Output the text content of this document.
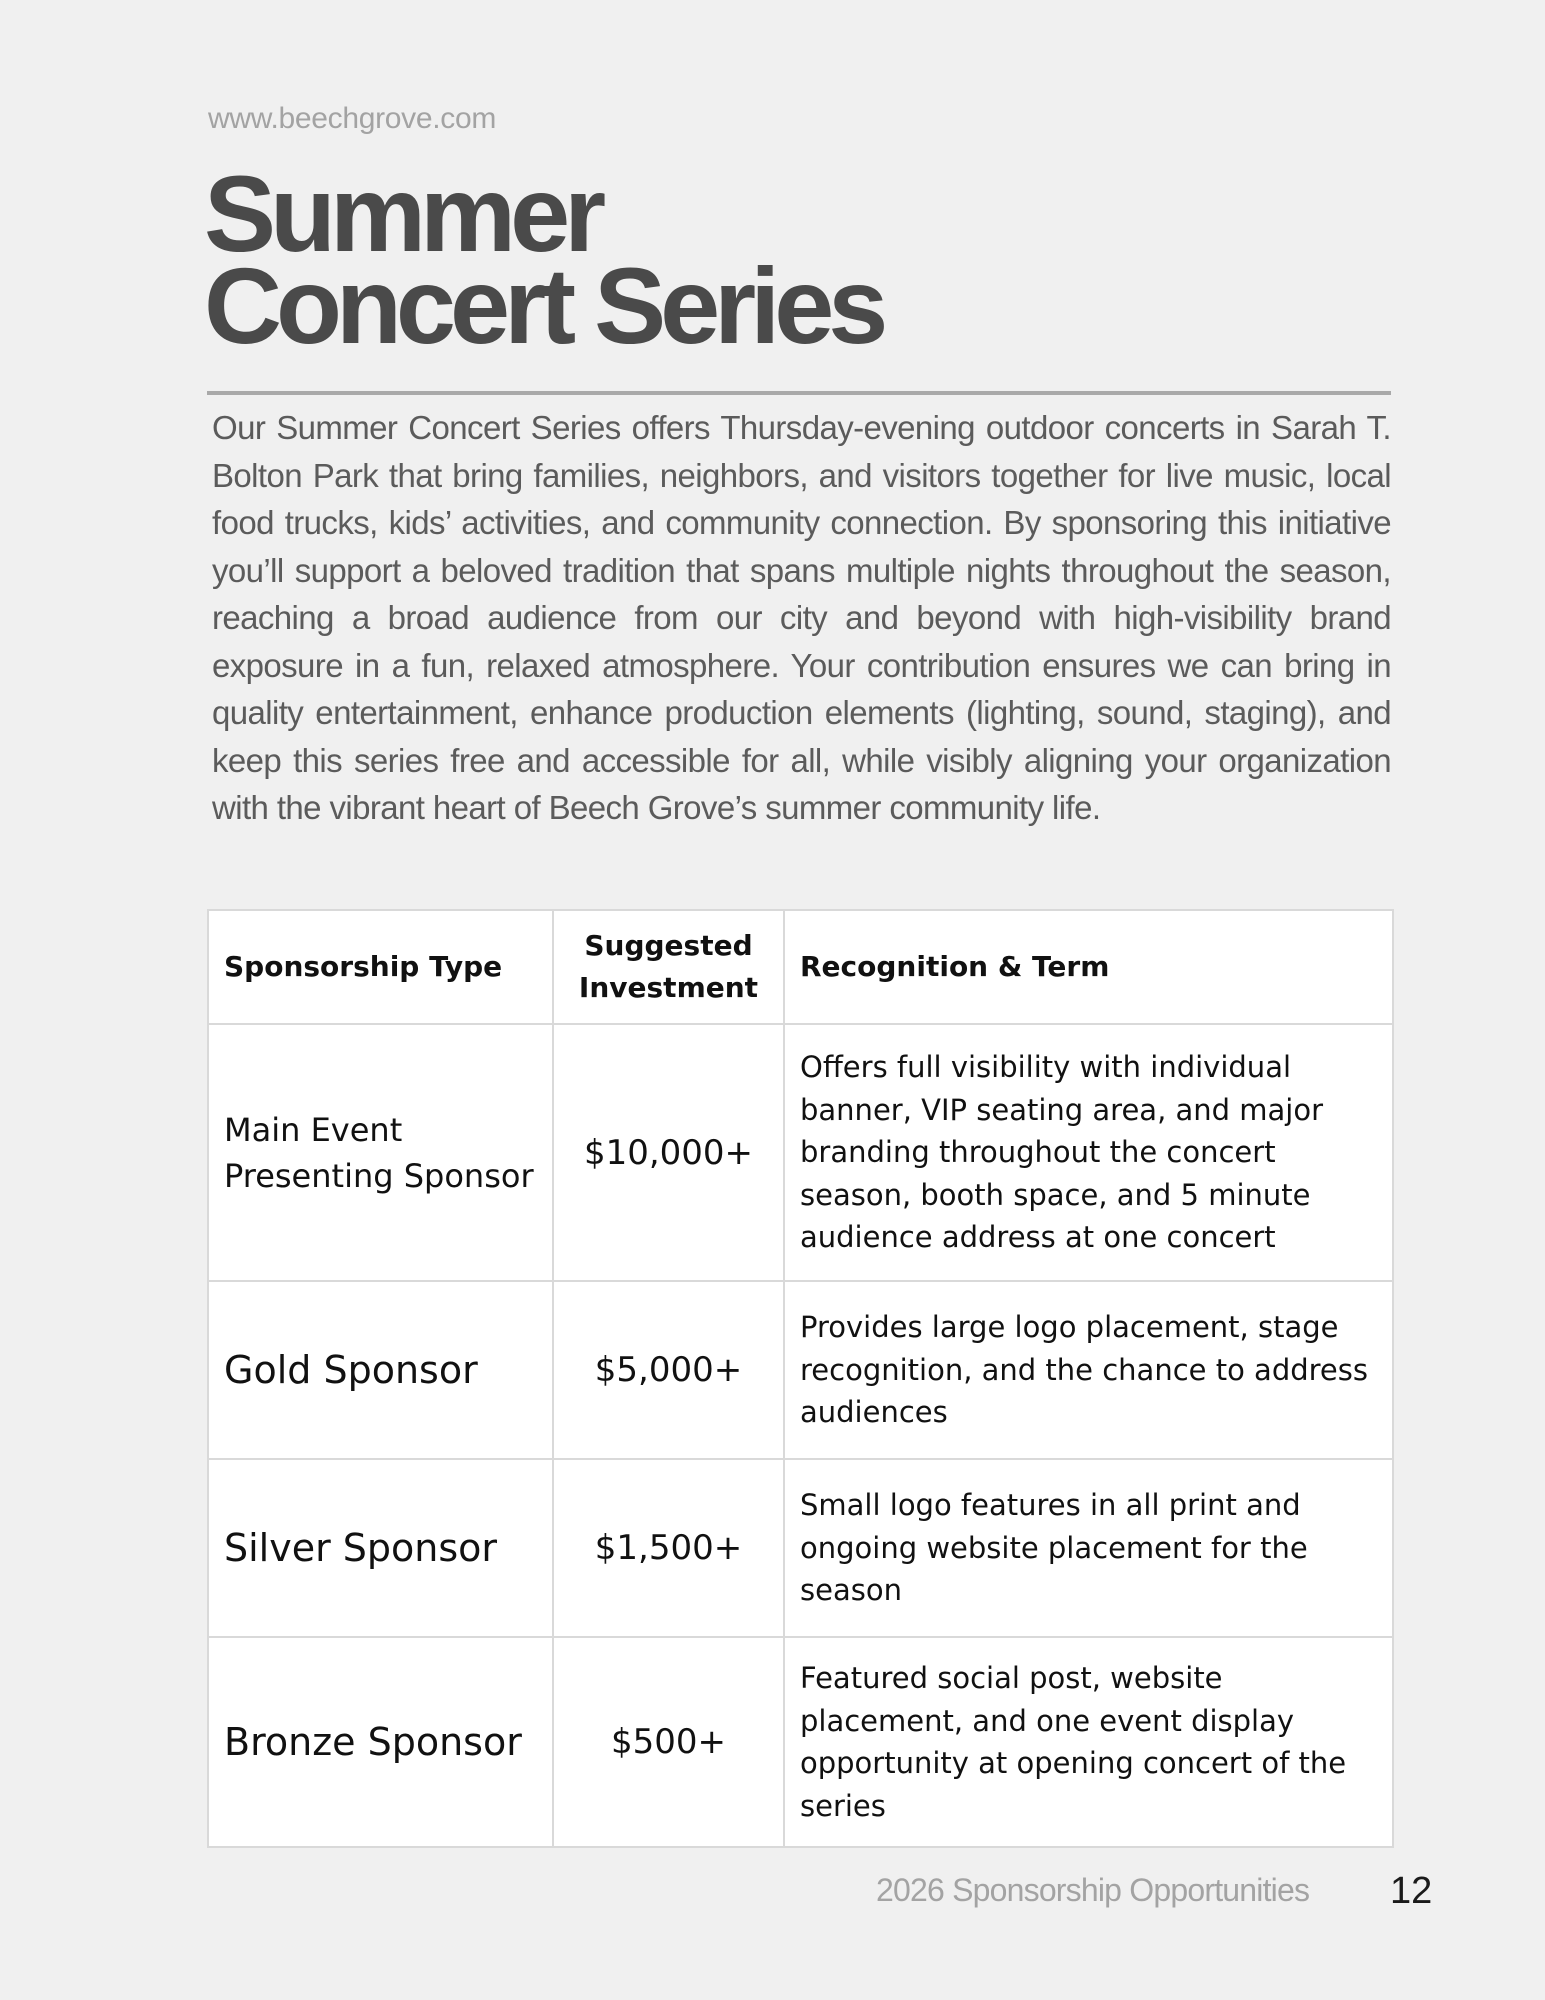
www.beechgrove.com
Summer
Concert Series

Our Summer Concert Series offers Thursday-evening outdoor concerts in Sarah T. Bolton Park that bring families, neighbors, and visitors together for live music, local food trucks, kids’ activities, and community connection. By sponsoring this initiative you’ll support a beloved tradition that spans multiple nights throughout the season, reaching a broad audience from our city and beyond with high-visibility brand exposure in a fun, relaxed atmosphere. Your contribution ensures we can bring in quality entertainment, enhance production elements (lighting, sound, staging), and keep this series free and accessible for all, while visibly aligning your organization with the vibrant heart of Beech Grove’s summer community life.

Sponsorship Type	Suggested Investment	Recognition & Term
Main Event Presenting Sponsor	$10,000+	Offers full visibility with individual banner, VIP seating area, and major branding throughout the concert season, booth space, and 5 minute audience address at one concert
Gold Sponsor	$5,000+	Provides large logo placement, stage recognition, and the chance to address audiences
Silver Sponsor	$1,500+	Small logo features in all print and ongoing website placement for the season
Bronze Sponsor	$500+	Featured social post, website placement, and one event display opportunity at opening concert of the series
2026 Sponsorship Opportunities 12
